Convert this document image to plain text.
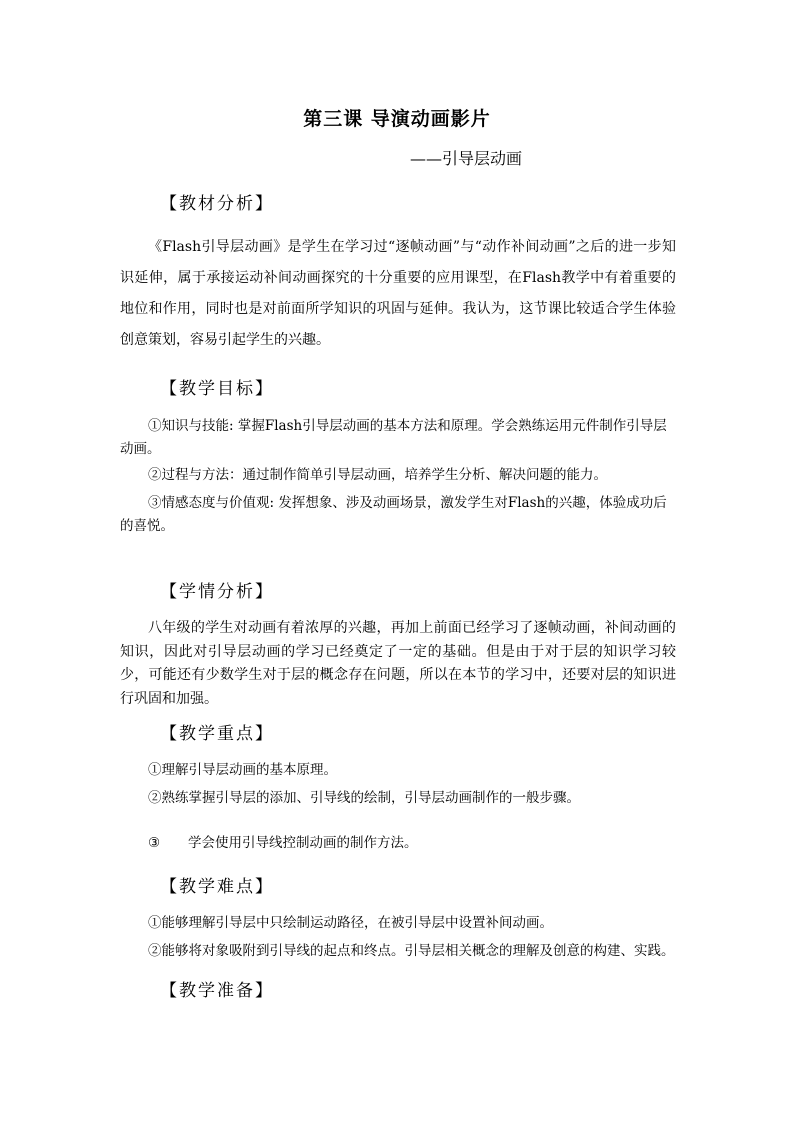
第三课 导演动画影片
——引导层动画
【教材分析】
《Flash引导层动画》是学生在学习过“逐帧动画”与“动作补间动画”之后的进一步知识延伸，属于承接运动补间动画探究的十分重要的应用课型，在Flash教学中有着重要的地位和作用，同时也是对前面所学知识的巩固与延伸。我认为，这节课比较适合学生体验创意策划，容易引起学生的兴趣。
【教学目标】
①知识与技能: 掌握Flash引导层动画的基本方法和原理。学会熟练运用元件制作引导层动画。
②过程与方法：通过制作简单引导层动画，培养学生分析、解决问题的能力。
③情感态度与价值观: 发挥想象、涉及动画场景，激发学生对Flash的兴趣，体验成功后的喜悦。
【学情分析】
八年级的学生对动画有着浓厚的兴趣，再加上前面已经学习了逐帧动画，补间动画的知识，因此对引导层动画的学习已经奠定了一定的基础。但是由于对于层的知识学习较少，可能还有少数学生对于层的概念存在问题，所以在本节的学习中，还要对层的知识进行巩固和加强。
【教学重点】
①理解引导层动画的基本原理。
②熟练掌握引导层的添加、引导线的绘制，引导层动画制作的一般步骤。
③ 学会使用引导线控制动画的制作方法。
【教学难点】
①能够理解引导层中只绘制运动路径，在被引导层中设置补间动画。
②能够将对象吸附到引导线的起点和终点。引导层相关概念的理解及创意的构建、实践。
【教学准备】
